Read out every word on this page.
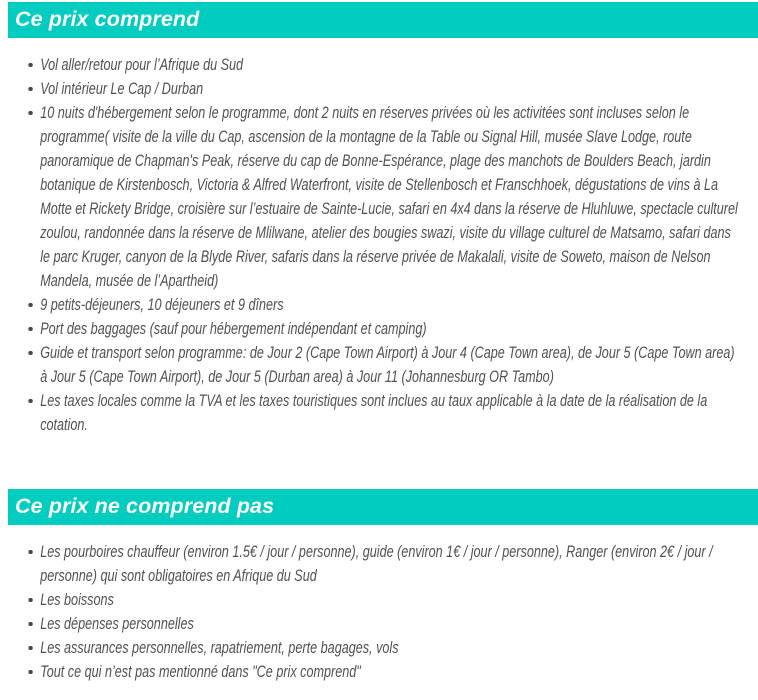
Ce prix comprend
Vol aller/retour pour l’Afrique du Sud
Vol intérieur Le Cap / Durban
10 nuits d'hébergement selon le programme, dont 2 nuits en réserves privées où les activitées sont incluses selon le programme( visite de la ville du Cap, ascension de la montagne de la Table ou Signal Hill, musée Slave Lodge, route panoramique de Chapman's Peak, réserve du cap de Bonne-Espérance, plage des manchots de Boulders Beach, jardin botanique de Kirstenbosch, Victoria & Alfred Waterfront, visite de Stellenbosch et Franschhoek, dégustations de vins à La Motte et Rickety Bridge, croisière sur l’estuaire de Sainte-Lucie, safari en 4x4 dans la réserve de Hluhluwe, spectacle culturel zoulou, randonnée dans la réserve de Mlilwane, atelier des bougies swazi, visite du village culturel de Matsamo, safari dans le parc Kruger, canyon de la Blyde River, safaris dans la réserve privée de Makalali, visite de Soweto, maison de Nelson Mandela, musée de l’Apartheid)
9 petits-déjeuners, 10 déjeuners et 9 dîners
Port des baggages (sauf pour hébergement indépendant et camping)
Guide et transport selon programme: de Jour 2 (Cape Town Airport) à Jour 4 (Cape Town area), de Jour 5 (Cape Town area) à Jour 5 (Cape Town Airport), de Jour 5 (Durban area) à Jour 11 (Johannesburg OR Tambo)
Les taxes locales comme la TVA et les taxes touristiques sont inclues au taux applicable à la date de la réalisation de la cotation.
Ce prix ne comprend pas
Les pourboires chauffeur (environ 1.5€ / jour / personne), guide (environ 1€ / jour / personne), Ranger (environ 2€ / jour / personne) qui sont obligatoires en Afrique du Sud
Les boissons
Les dépenses personnelles
Les assurances personnelles, rapatriement, perte bagages, vols
Tout ce qui n’est pas mentionné dans "Ce prix comprend"
